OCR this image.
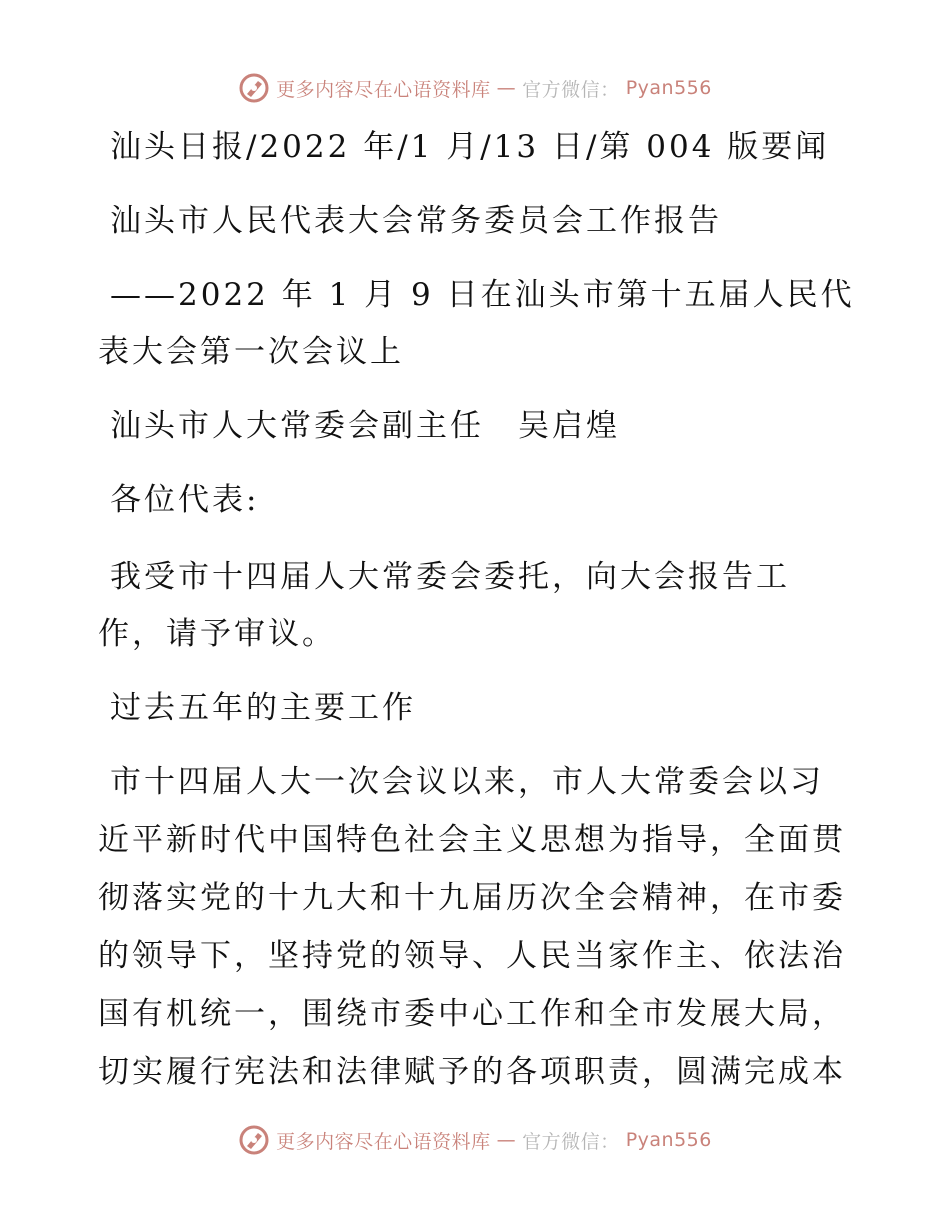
更多内容尽在心语资料库 — 官方微信： Pyan556
汕头日报/2022 年/1 月/13 日/第 004 版要闻
汕头市人民代表大会常务委员会工作报告
——2022 年 1 月 9 日在汕头市第十五届人民代
表大会第一次会议上
汕头市人大常委会副主任　吴启煌
各位代表:
我受市十四届人大常委会委托，向大会报告工
作，请予审议。
过去五年的主要工作
市十四届人大一次会议以来，市人大常委会以习
近平新时代中国特色社会主义思想为指导，全面贯
彻落实党的十九大和十九届历次全会精神，在市委
的领导下，坚持党的领导、人民当家作主、依法治
国有机统一，围绕市委中心工作和全市发展大局，
切实履行宪法和法律赋予的各项职责，圆满完成本
更多内容尽在心语资料库 — 官方微信： Pyan556
